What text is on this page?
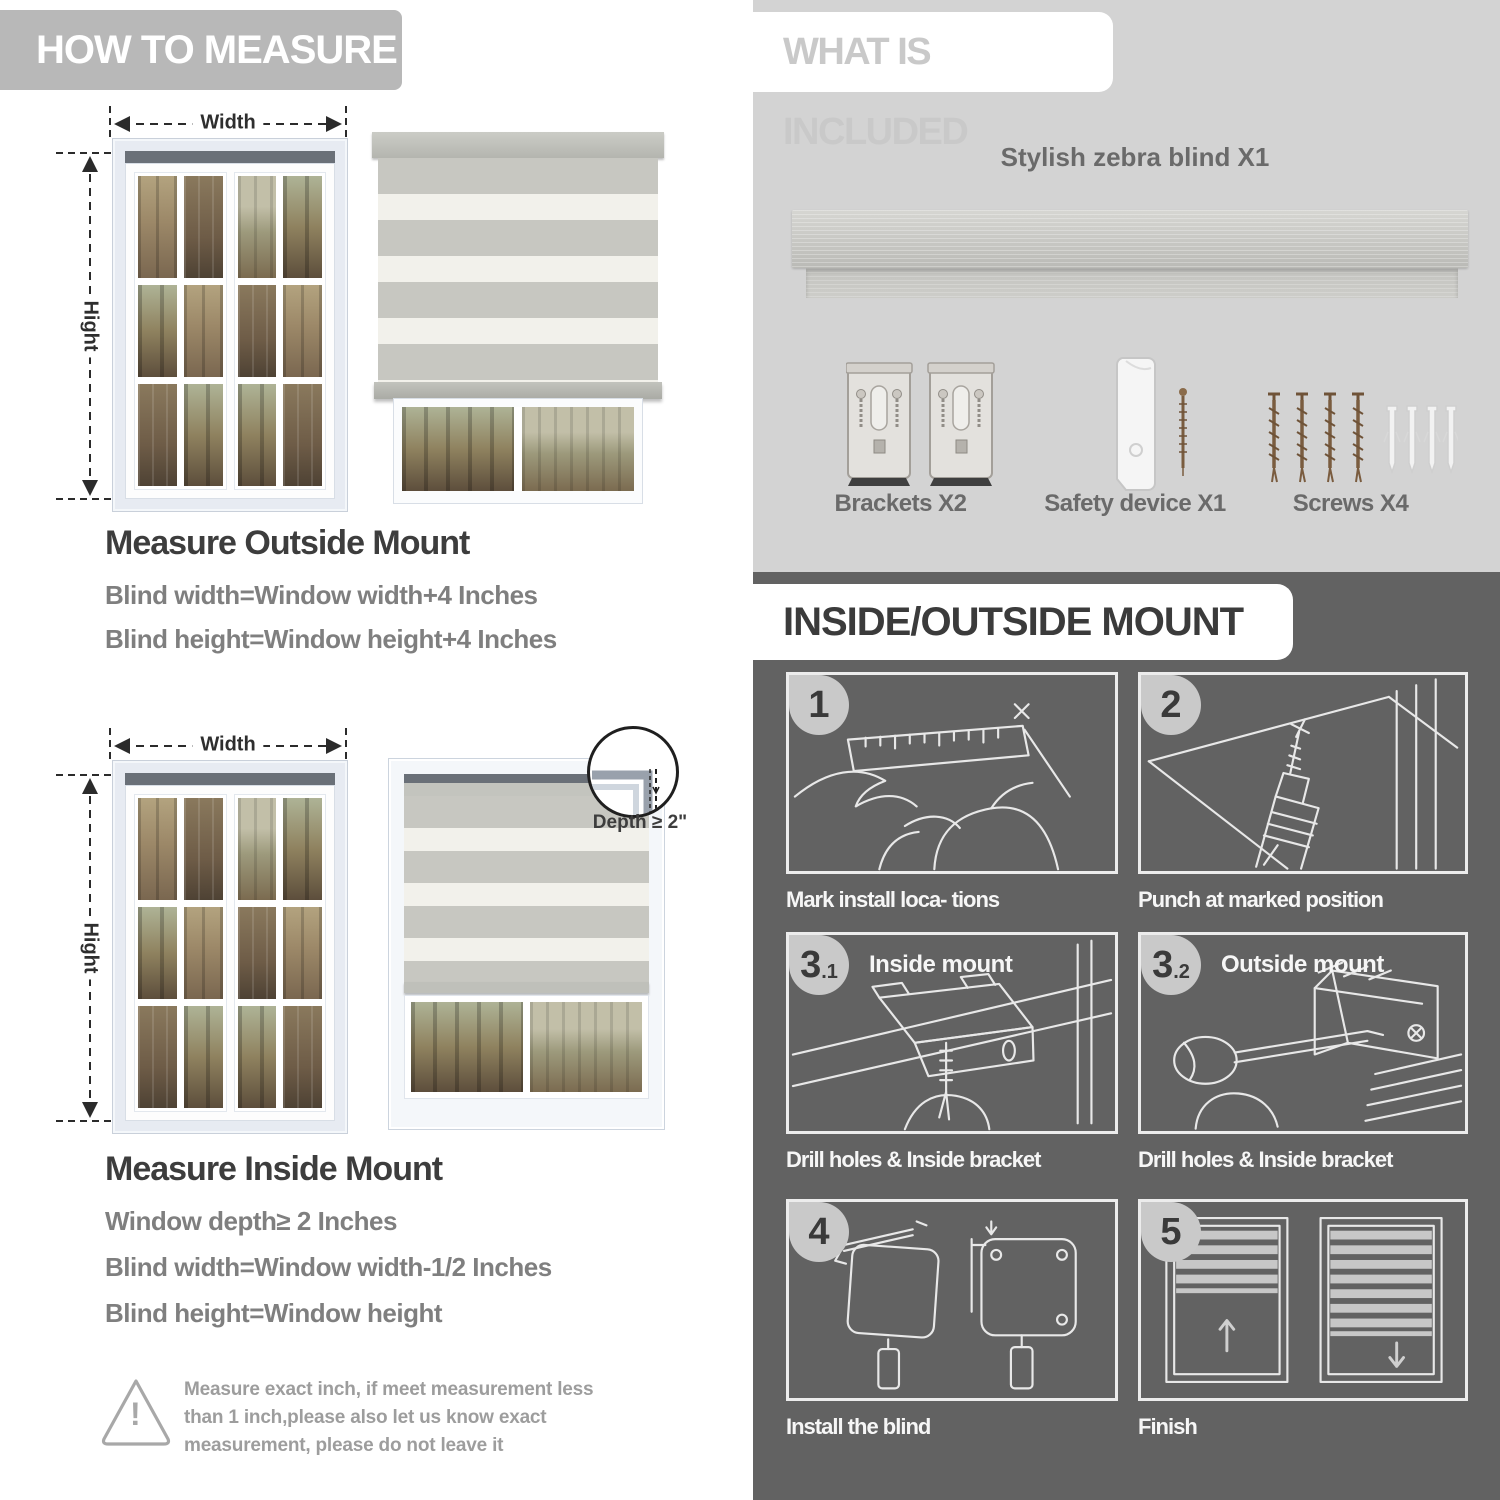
HOW TO MEASURE
Width
Hight
Measure Outside Mount
Blind width=Window width+4 Inches
Blind height=Window height+4 Inches
Width
Hight
Depth ≥ 2"
Measure Inside Mount
Window depth≥ 2 Inches
Blind width=Window width-1/2 Inches
Blind height=Window height
!
Measure exact inch, if meet measurement less
than 1 inch,please also let us know exact
measurement, please do not leave it
WHAT IS INCLUDED
Stylish zebra blind X1
Brackets X2	Safety device X1	Screws X4
INSIDE/OUTSIDE MOUNT
1
Mark install loca- tions
2
Punch at marked position
3 .1 Inside mount
Drill holes & Inside bracket
3 .2 Outside mount
Drill holes & Inside bracket
4
Install the blind
5
Finish
